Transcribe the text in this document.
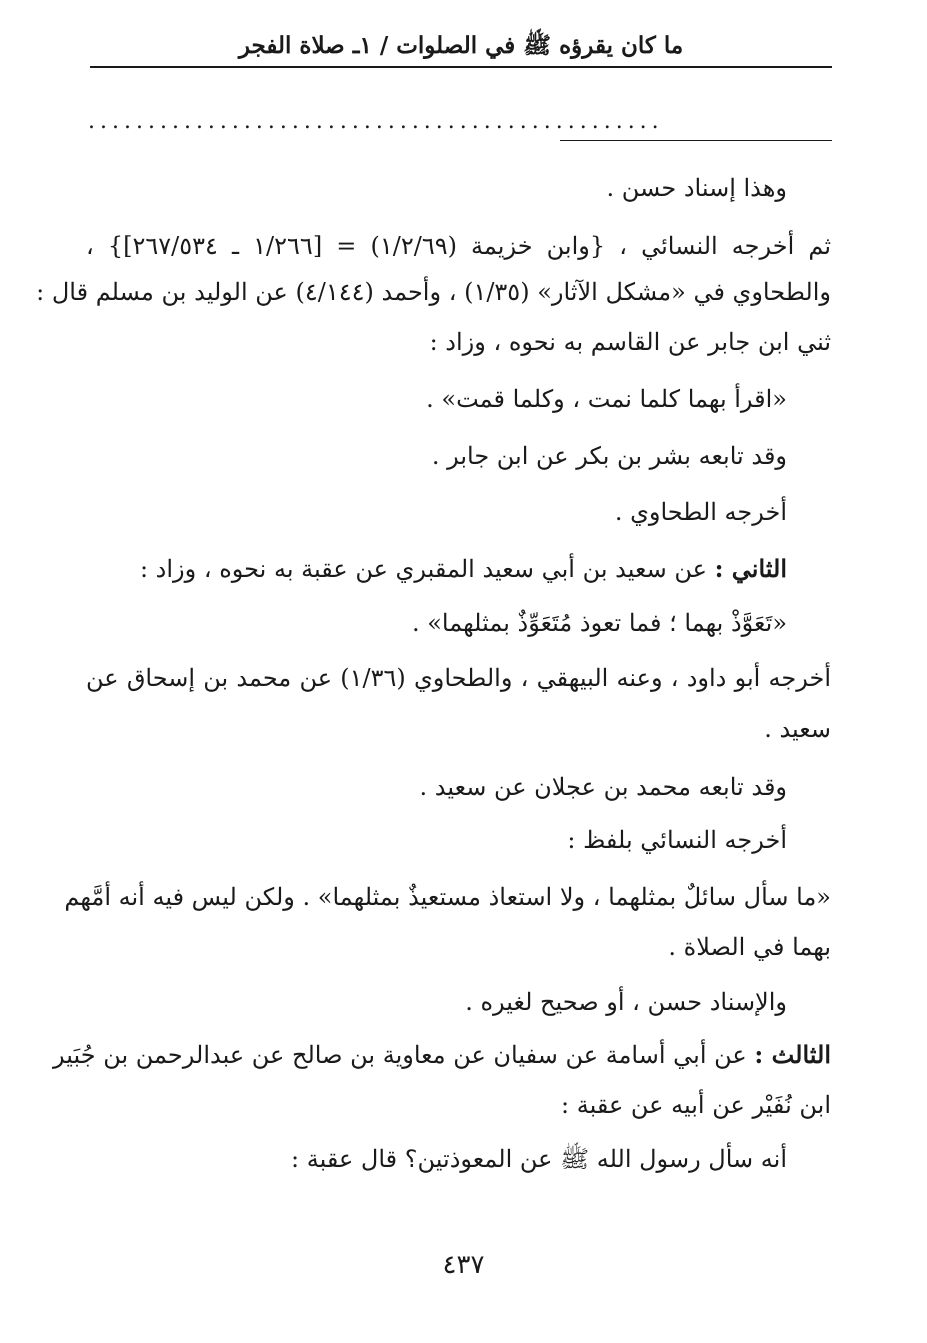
ما كان يقرؤه ﷺ في الصلوات / ١ـ صلاة الفجر
................................................
وهذا إسناد حسن .
ثم أخرجه النسائي ، {وابن خزيمة (١/٢/٦٩) = [١/٢٦٦ ـ ٢٦٧/٥٣٤]} ،
والطحاوي في «مشكل الآثار» (١/٣٥) ، وأحمد (٤/١٤٤) عن الوليد بن مسلم قال :
ثني ابن جابر عن القاسم به نحوه ، وزاد :
«اقرأ بهما كلما نمت ، وكلما قمت» .
وقد تابعه بشر بن بكر عن ابن جابر .
أخرجه الطحاوي .
الثاني : عن سعيد بن أبي سعيد المقبري عن عقبة به نحوه ، وزاد :
«تَعَوَّذْ بهما ؛ فما تعوذ مُتَعَوِّذٌ بمثلهما» .
أخرجه أبو داود ، وعنه البيهقي ، والطحاوي (١/٣٦) عن محمد بن إسحاق عن
سعيد .
وقد تابعه محمد بن عجلان عن سعيد .
أخرجه النسائي بلفظ :
«ما سأل سائلٌ بمثلهما ، ولا استعاذ مستعيذٌ بمثلهما» . ولكن ليس فيه أنه أمَّهم
بهما في الصلاة .
والإسناد حسن ، أو صحيح لغيره .
الثالث : عن أبي أسامة عن سفيان عن معاوية بن صالح عن عبدالرحمن بن جُبَير
ابن نُفَيْر عن أبيه عن عقبة :
أنه سأل رسول الله ﷺ عن المعوذتين؟ قال عقبة :
٤٣٧
